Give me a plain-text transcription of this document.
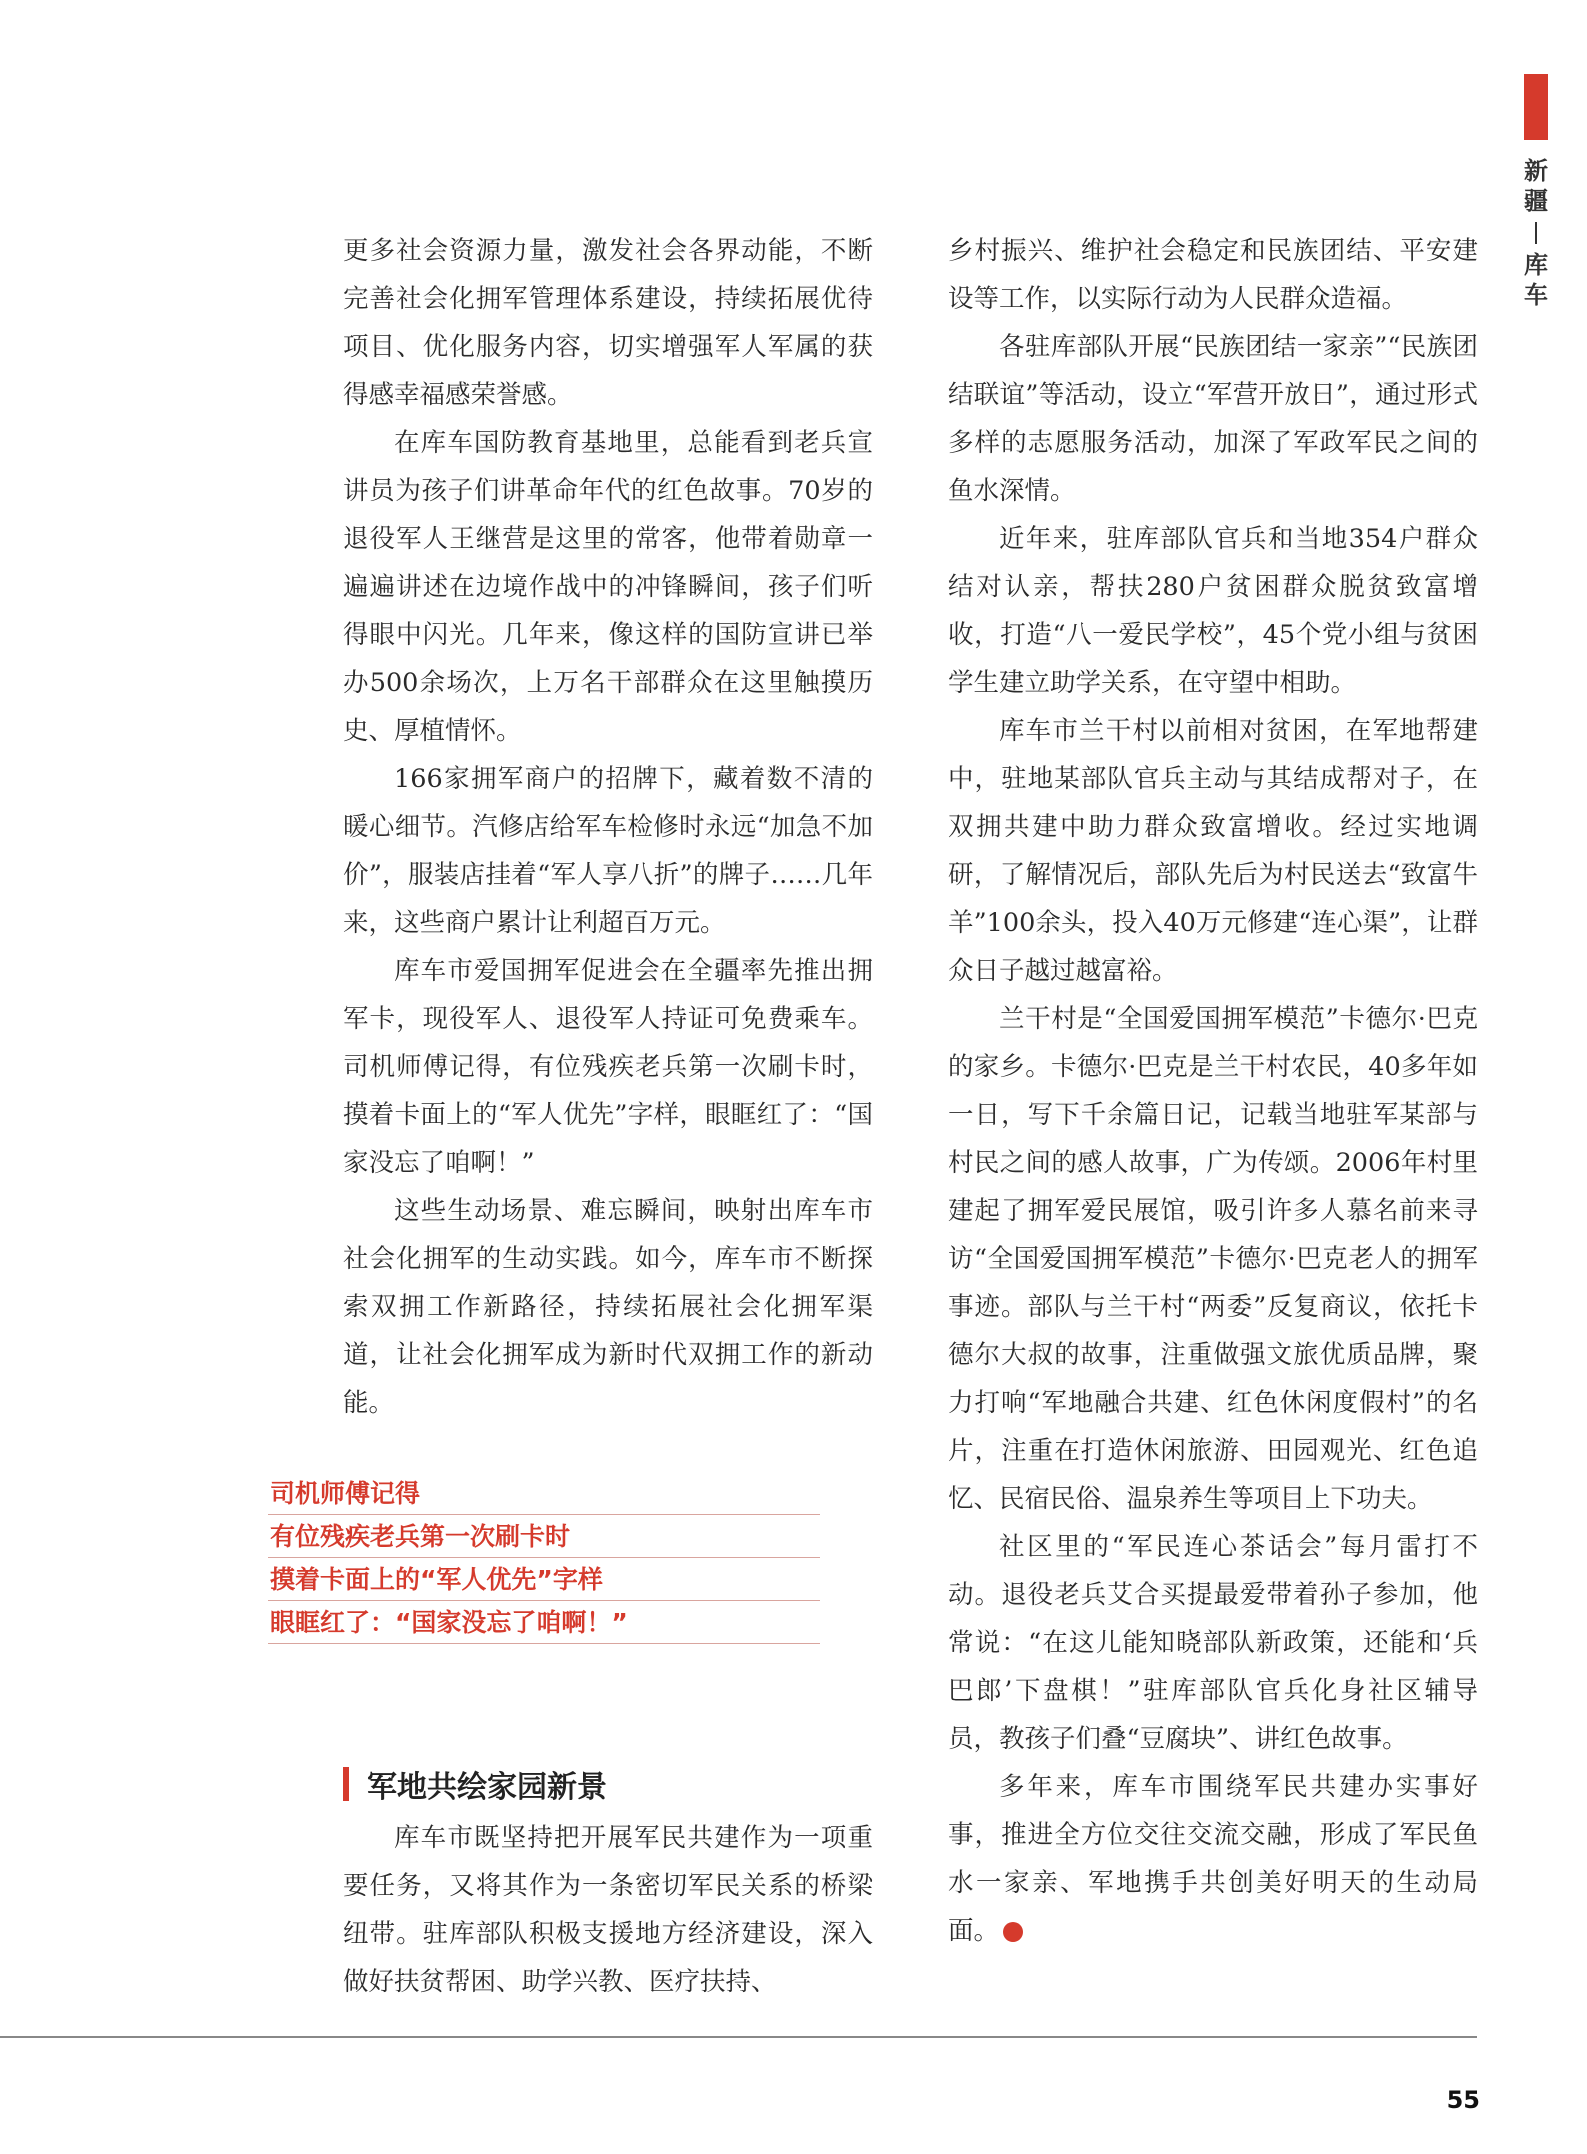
新疆
库车

更多社会资源力量，激发社会各界动能，不断完善社会化拥军管理体系建设，持续拓展优待项目、优化服务内容，切实增强军人军属的获得感幸福感荣誉感。

在库车国防教育基地里，总能看到老兵宣讲员为孩子们讲革命年代的红色故事。70岁的退役军人王继营是这里的常客，他带着勋章一遍遍讲述在边境作战中的冲锋瞬间，孩子们听得眼中闪光。几年来，像这样的国防宣讲已举办500余场次，上万名干部群众在这里触摸历史、厚植情怀。

166家拥军商户的招牌下，藏着数不清的暖心细节。汽修店给军车检修时永远“加急不加价”，服装店挂着“军人享八折”的牌子……几年来，这些商户累计让利超百万元。

库车市爱国拥军促进会在全疆率先推出拥军卡，现役军人、退役军人持证可免费乘车。司机师傅记得，有位残疾老兵第一次刷卡时，摸着卡面上的“军人优先”字样，眼眶红了：“国家没忘了咱啊！”

这些生动场景、难忘瞬间，映射出库车市社会化拥军的生动实践。如今，库车市不断探索双拥工作新路径，持续拓展社会化拥军渠道，让社会化拥军成为新时代双拥工作的新动能。

司机师傅记得
有位残疾老兵第一次刷卡时
摸着卡面上的“军人优先”字样
眼眶红了：“国家没忘了咱啊！”
军地共绘家园新景

库车市既坚持把开展军民共建作为一项重要任务，又将其作为一条密切军民关系的桥梁纽带。驻库部队积极支援地方经济建设，深入做好扶贫帮困、助学兴教、医疗扶持、

乡村振兴、维护社会稳定和民族团结、平安建设等工作，以实际行动为人民群众造福。

各驻库部队开展“民族团结一家亲”“民族团结联谊”等活动，设立“军营开放日”，通过形式多样的志愿服务活动，加深了军政军民之间的鱼水深情。

近年来，驻库部队官兵和当地354户群众结对认亲，帮扶280户贫困群众脱贫致富增收，打造“八一爱民学校”，45个党小组与贫困学生建立助学关系，在守望中相助。

库车市兰干村以前相对贫困，在军地帮建中，驻地某部队官兵主动与其结成帮对子，在双拥共建中助力群众致富增收。经过实地调研，了解情况后，部队先后为村民送去“致富牛羊”100余头，投入40万元修建“连心渠”，让群众日子越过越富裕。

兰干村是“全国爱国拥军模范”卡德尔·巴克的家乡。卡德尔·巴克是兰干村农民，40多年如一日，写下千余篇日记，记载当地驻军某部与村民之间的感人故事，广为传颂。2006年村里建起了拥军爱民展馆，吸引许多人慕名前来寻访“全国爱国拥军模范”卡德尔·巴克老人的拥军事迹。部队与兰干村“两委”反复商议，依托卡德尔大叔的故事，注重做强文旅优质品牌，聚力打响“军地融合共建、红色休闲度假村”的名片，注重在打造休闲旅游、田园观光、红色追忆、民宿民俗、温泉养生等项目上下功夫。

社区里的“军民连心茶话会”每月雷打不动。退役老兵艾合买提最爱带着孙子参加，他常说：“在这儿能知晓部队新政策，还能和‘兵巴郎’下盘棋！”驻库部队官兵化身社区辅导员，教孩子们叠“豆腐块”、讲红色故事。

多年来，库车市围绕军民共建办实事好事，推进全方位交往交流交融，形成了军民鱼水一家亲、军地携手共创美好明天的生动局面。	N

55
